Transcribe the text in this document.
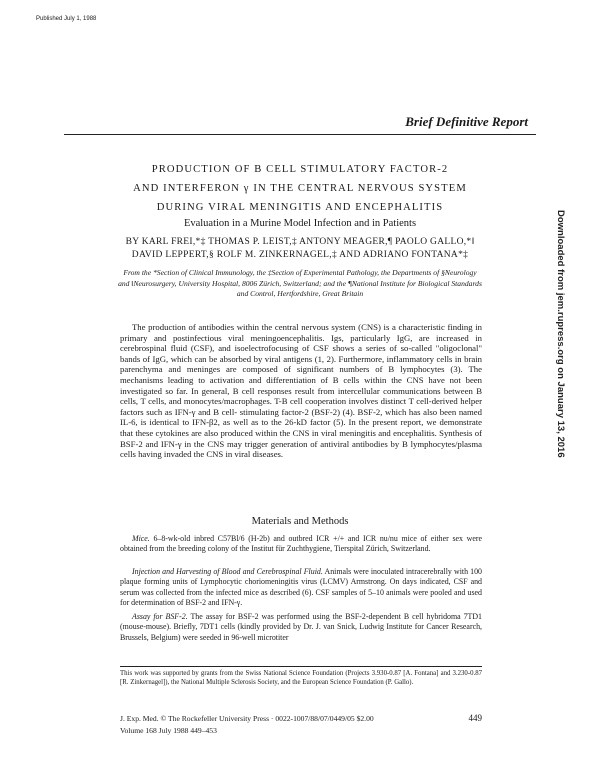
Published July 1, 1988
Brief Definitive Report
PRODUCTION OF B CELL STIMULATORY FACTOR-2
AND INTERFERON γ IN THE CENTRAL NERVOUS SYSTEM
DURING VIRAL MENINGITIS AND ENCEPHALITIS
Evaluation in a Murine Model Infection and in Patients
BY KARL FREI,*‡ THOMAS P. LEIST,‡ ANTONY MEAGER,¶ PAOLO GALLO,*‖
DAVID LEPPERT,§ ROLF M. ZINKERNAGEL,‡ AND ADRIANO FONTANA*‡
From the *Section of Clinical Immunology, the ‡Section of Experimental Pathology, the Departments of §Neurology and ‖Neurosurgery, University Hospital, 8006 Zürich, Switzerland; and the ¶National Institute for Biological Standards and Control, Hertfordshire, Great Britain	Downloaded from jem.rupress.org on January 13, 2016
The production of antibodies within the central nervous system (CNS) is a characteristic finding in primary and postinfectious viral meningoencephalitis. Igs, particularly IgG, are increased in cerebrospinal fluid (CSF), and isoelectrofocusing of CSF shows a series of so-called "oligoclonal" bands of IgG, which can be absorbed by viral antigens (1, 2). Furthermore, inflammatory cells in brain parenchyma and meninges are composed of significant numbers of B lymphocytes (3). The mechanisms leading to activation and differentiation of B cells within the CNS have not been investigated so far. In general, B cell responses result from intercellular communications between B cells, T cells, and monocytes/macrophages. T-B cell cooperation involves distinct T cell-derived helper factors such as IFN-γ and B cell- stimulating factor-2 (BSF-2) (4). BSF-2, which has also been named IL-6, is identical to IFN-β2, as well as to the 26-kD factor (5). In the present report, we demonstrate that these cytokines are also produced within the CNS in viral meningitis and encephalitis. Synthesis of BSF-2 and IFN-γ in the CNS may trigger generation of antiviral antibodies by B lymphocytes/plasma cells having invaded the CNS in viral diseases.
Materials and Methods
Mice. 6–8-wk-old inbred C57Bl/6 (H-2b) and outbred ICR +/+ and ICR nu/nu mice of either sex were obtained from the breeding colony of the Institut für Zuchthygiene, Tierspital Zürich, Switzerland.
Injection and Harvesting of Blood and Cerebrospinal Fluid. Animals were inoculated intracerebrally with 100 plaque forming units of Lymphocytic choriomeningitis virus (LCMV) Armstrong. On days indicated, CSF and serum was collected from the infected mice as described (6). CSF samples of 5–10 animals were pooled and used for determination of BSF-2 and IFN-γ.
Assay for BSF-2. The assay for BSF-2 was performed using the BSF-2-dependent B cell hybridoma 7TD1 (mouse-mouse). Briefly, 7DT1 cells (kindly provided by Dr. J. van Snick, Ludwig Institute for Cancer Research, Brussels, Belgium) were seeded in 96-well microtiter
This work was supported by grants from the Swiss National Science Foundation (Projects 3.930-0.87 [A. Fontana] and 3.230-0.87 [R. Zinkernagel]), the National Multiple Sclerosis Society, and the European Science Foundation (P. Gallo).
J. Exp. Med. © The Rockefeller University Press · 0022-1007/88/07/0449/05 $2.00	449
Volume 168 July 1988 449–453
